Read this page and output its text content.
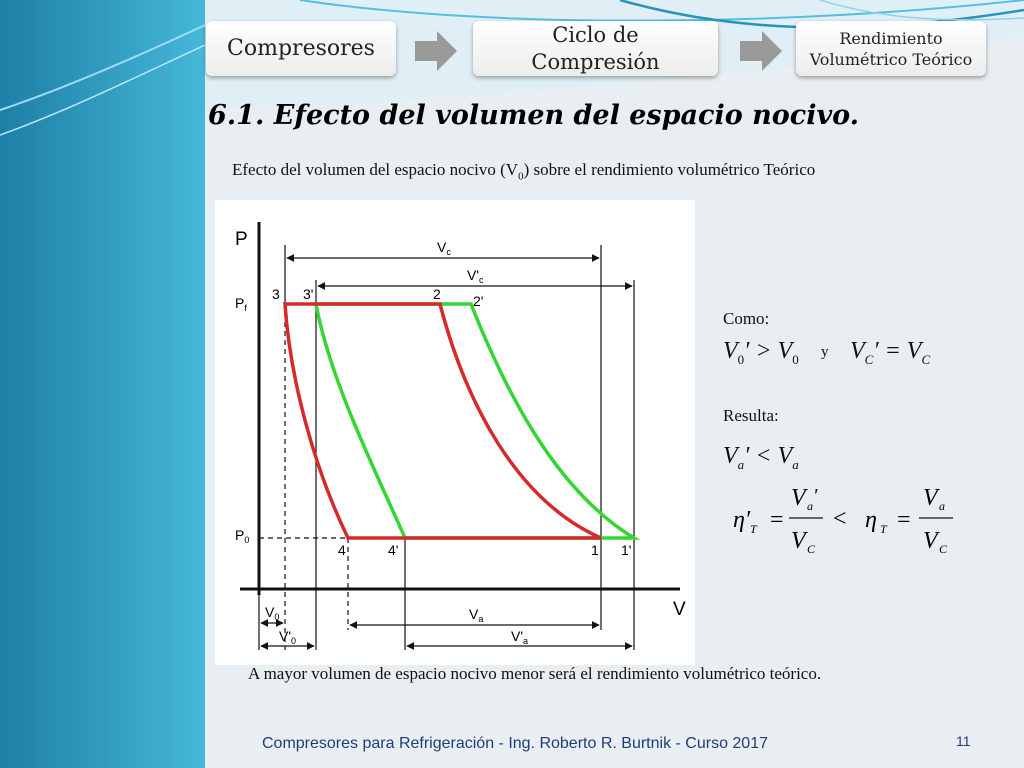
Compresores
Ciclo de Compresión
Rendimiento Volumétrico Teórico
6.1. Efecto del volumen del espacio nocivo.
Efecto del volumen del espacio nocivo $(V_0)$ sobre el rendimiento volumétrico Teórico
P
V
$P_f$
$P_0$
$V_c$
$V'_c$
$V_0$
$V'_0$
$V_a$
$V'_a$
3 3'	2 2'
4	4'	1 1'
Como:
$V_0' > V_0$ y $V_C' = V_C$
Resulta:
$V_a' < V_a$
η′ T =
V a ′
V C
< η T =
V a
V C
A mayor volumen de espacio nocivo menor será el rendimiento volumétrico teórico.
Compresores para Refrigeración - Ing. Roberto R. Burtnik - Curso 2017	11
